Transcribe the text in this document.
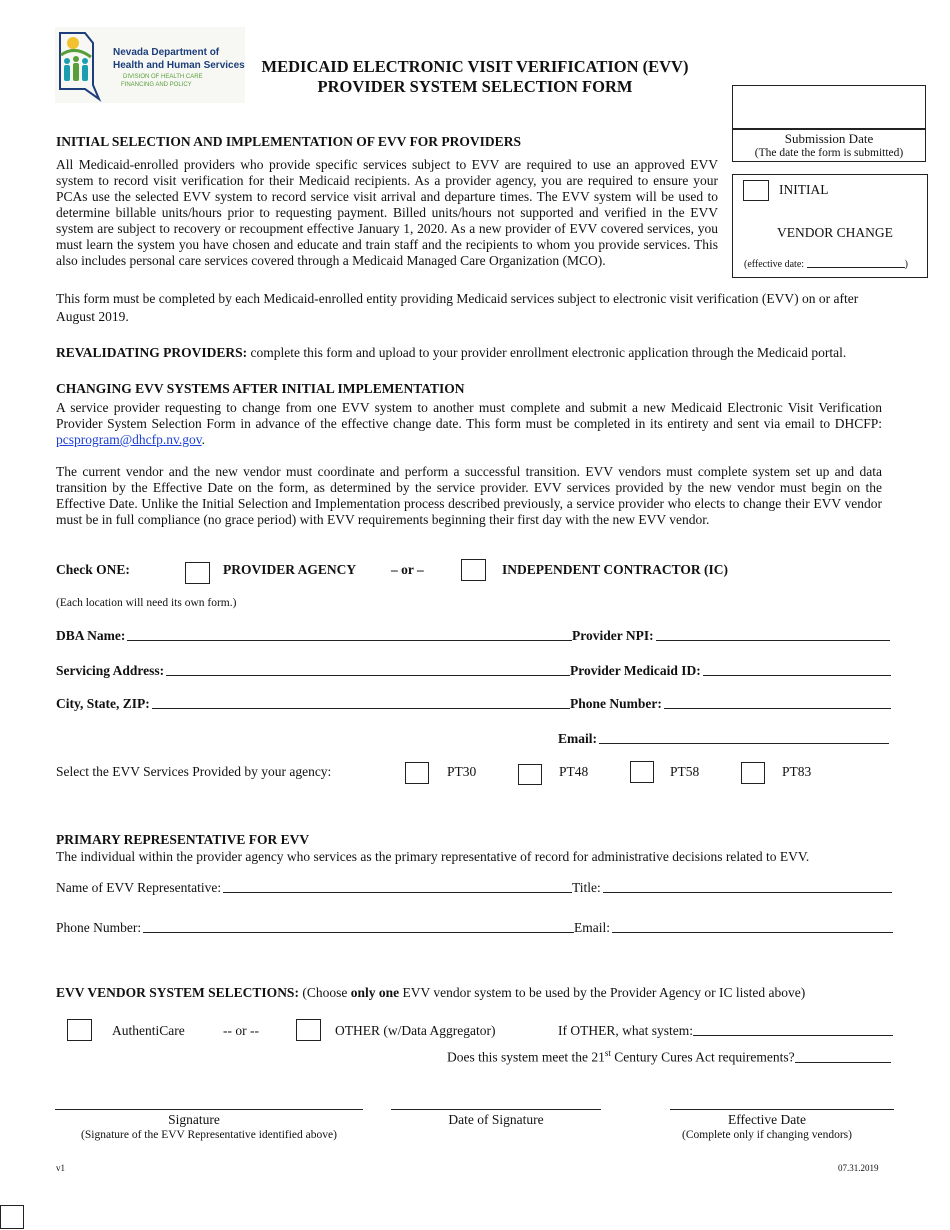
Nevada Department of
Health and Human Services
DIVISION OF HEALTH CARE
FINANCING AND POLICY
MEDICAID ELECTRONIC VISIT VERIFICATION (EVV)
PROVIDER SYSTEM SELECTION FORM
Submission Date
(The date the form is submitted)
INITIAL
VENDOR CHANGE
(effective date:	)
INITIAL SELECTION AND IMPLEMENTATION OF EVV FOR PROVIDERS
All Medicaid-enrolled providers who provide specific services subject to EVV are required to use an approved EVV system to record visit verification for their Medicaid recipients. As a provider agency, you are required to ensure your PCAs use the selected EVV system to record service visit arrival and departure times. The EVV system will be used to determine billable units/hours prior to requesting payment. Billed units/hours not supported and verified in the EVV system are subject to recovery or recoupment effective January 1, 2020. As a new provider of EVV covered services, you must learn the system you have chosen and educate and train staff and the recipients to whom you provide services. This also includes personal care services covered through a Medicaid Managed Care Organization (MCO).
This form must be completed by each Medicaid-enrolled entity providing Medicaid services subject to electronic visit verification (EVV) on or after August 2019.
REVALIDATING PROVIDERS: complete this form and upload to your provider enrollment electronic application through the Medicaid portal.
CHANGING EVV SYSTEMS AFTER INITIAL IMPLEMENTATION
A service provider requesting to change from one EVV system to another must complete and submit a new Medicaid Electronic Visit Verification Provider System Selection Form in advance of the effective change date. This form must be completed in its entirety and sent via email to DHCFP: pcsprogram@dhcfp.nv.gov.
The current vendor and the new vendor must coordinate and perform a successful transition. EVV vendors must complete system set up and data transition by the Effective Date on the form, as determined by the service provider. EVV services provided by the new vendor must begin on the Effective Date. Unlike the Initial Selection and Implementation process described previously, a service provider who elects to change their EVV vendor must be in full compliance (no grace period) with EVV requirements beginning their first day with the new EVV vendor.
Check ONE:	PROVIDER AGENCY	– or –	INDEPENDENT CONTRACTOR (IC)
(Each location will need its own form.)
DBA Name:	Provider NPI:
Servicing Address:	Provider Medicaid ID:
City, State, ZIP:	Phone Number:
Email:
Select the EVV Services Provided by your agency:	PT30	PT48	PT58	PT83
PRIMARY REPRESENTATIVE FOR EVV
The individual within the provider agency who services as the primary representative of record for administrative decisions related to EVV.
Name of EVV Representative:	Title:
Phone Number:	Email:
EVV VENDOR SYSTEM SELECTIONS: (Choose only one EVV vendor system to be used by the Provider Agency or IC listed above)
AuthentiCare	-- or --	OTHER (w/Data Aggregator)	If OTHER, what system:
Does this system meet the 21st Century Cures Act requirements?
Signature
(Signature of the EVV Representative identified above)
Date of Signature	Effective Date
(Complete only if changing vendors)
v1	07.31.2019
